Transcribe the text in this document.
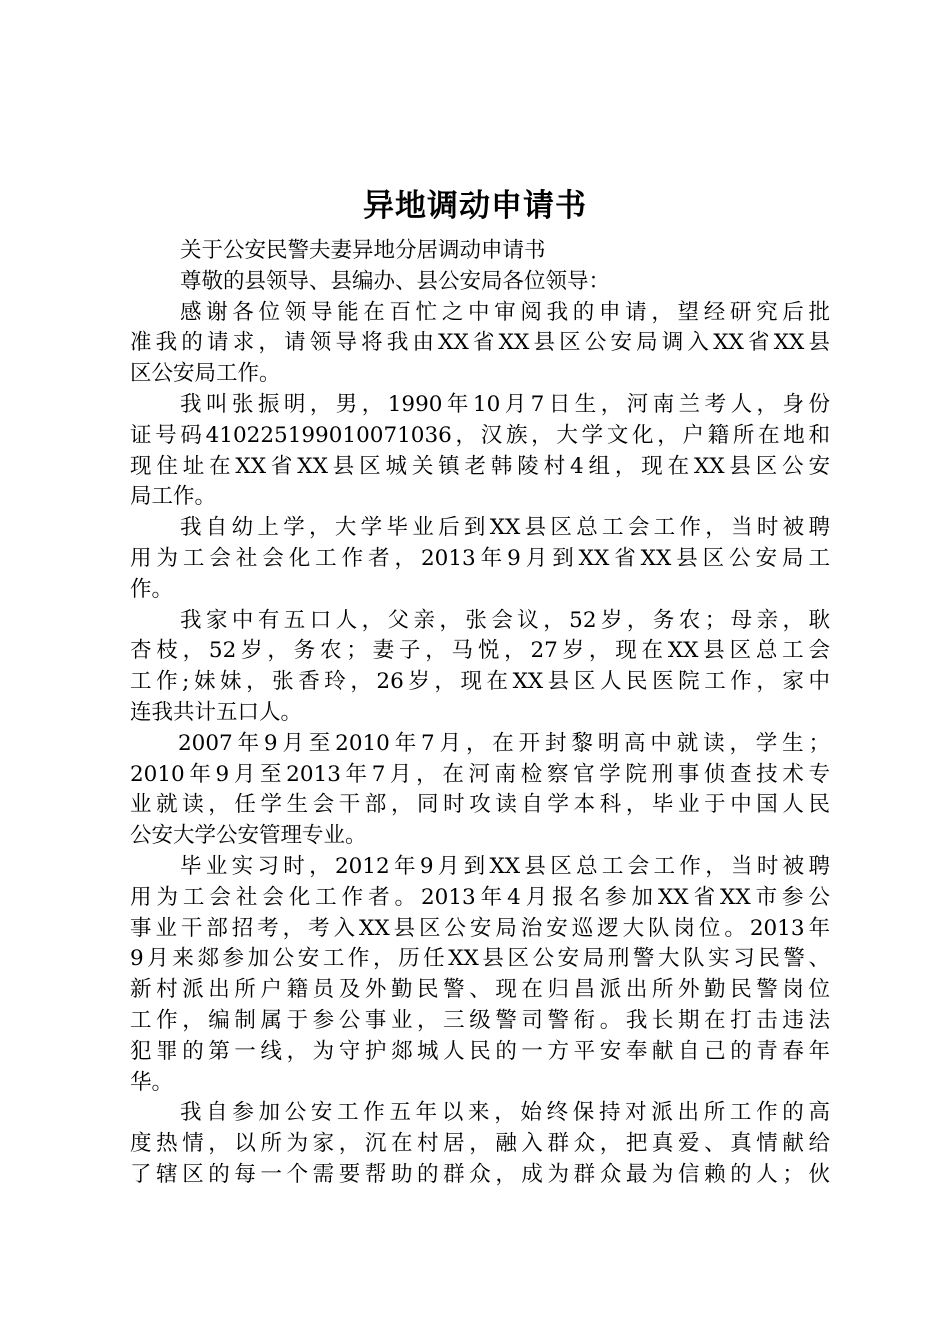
异地调动申请书
关于公安民警夫妻异地分居调动申请书
尊敬的县领导、县编办、县公安局各位领导：
感谢各位领导能在百忙之中审阅我的申请，望经研究后批
准我的请求，请领导将我由XX省XX县区公安局调入XX省XX县
区公安局工作。
我叫张振明，男，1990年10月7日生，河南兰考人，身份
证号码410225199010071036，汉族，大学文化，户籍所在地和
现住址在XX省XX县区城关镇老韩陵村4组，现在XX县区公安
局工作。
我自幼上学，大学毕业后到XX县区总工会工作，当时被聘
用为工会社会化工作者，2013年9月到XX省XX县区公安局工
作。
我家中有五口人，父亲，张会议，52岁，务农；母亲，耿
杏枝，52岁，务农；妻子，马悦，27岁，现在XX县区总工会
工作;妹妹，张香玲，26岁，现在XX县区人民医院工作，家中
连我共计五口人。
2007年9月至2010年7月，在开封黎明高中就读，学生；
2010年9月至2013年7月，在河南检察官学院刑事侦查技术专
业就读，任学生会干部，同时攻读自学本科，毕业于中国人民
公安大学公安管理专业。
毕业实习时，2012年9月到XX县区总工会工作，当时被聘
用为工会社会化工作者。2013年4月报名参加XX省XX市参公
事业干部招考，考入XX县区公安局治安巡逻大队岗位。2013年
9月来郯参加公安工作，历任XX县区公安局刑警大队实习民警、
新村派出所户籍员及外勤民警、现在归昌派出所外勤民警岗位
工作，编制属于参公事业，三级警司警衔。我长期在打击违法
犯罪的第一线，为守护郯城人民的一方平安奉献自己的青春年
华。
我自参加公安工作五年以来，始终保持对派出所工作的高
度热情，以所为家，沉在村居，融入群众，把真爱、真情献给
了辖区的每一个需要帮助的群众，成为群众最为信赖的人；伙
